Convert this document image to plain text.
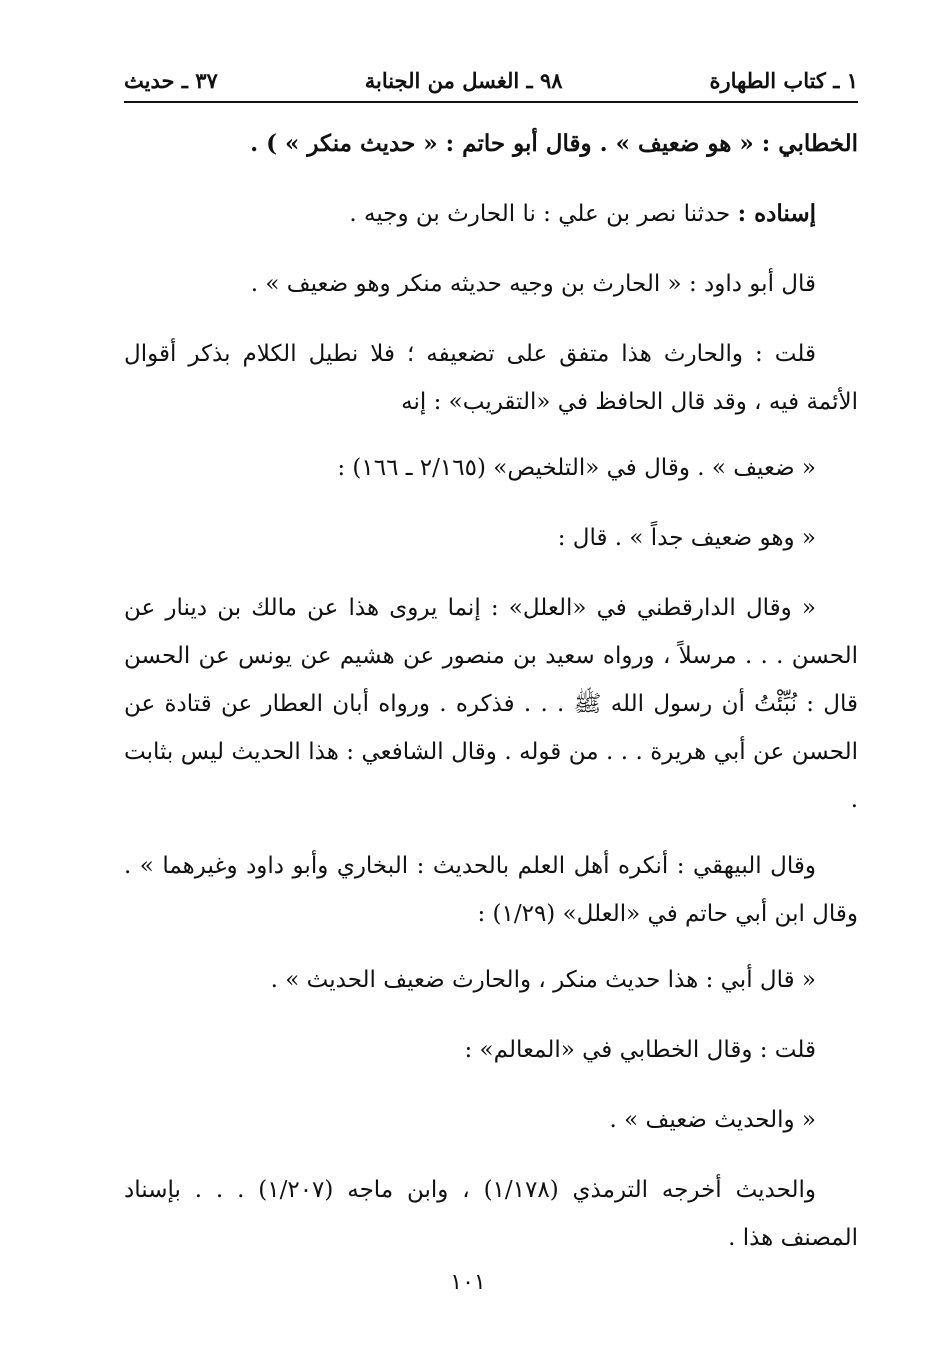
١ ـ كتاب الطهارة
٩٨ ـ الغسل من الجنابة
٣٧ ـ حديث

الخطابي : « هو ضعيف » . وقال أبو حاتم : « حديث منكر » ) .

إسناده : حدثنا نصر بن علي : نا الحارث بن وجيه .

قال أبو داود : « الحارث بن وجيه حديثه منكر وهو ضعيف » .

قلت : والحارث هذا متفق على تضعيفه ؛ فلا نطيل الكلام بذكر أقوال الأئمة فيه ، وقد قال الحافظ في «التقريب» : إنه

« ضعيف » . وقال في «التلخيص» (٢/١٦٥ ـ ١٦٦) :

« وهو ضعيف جداً » . قال :

« وقال الدارقطني في «العلل» : إنما يروى هذا عن مالك بن دينار عن الحسن . . . مرسلاً ، ورواه سعيد بن منصور عن هشيم عن يونس عن الحسن قال : نُبِّئْتُ أن رسول الله ﷺ . . . فذكره . ورواه أبان العطار عن قتادة عن الحسن عن أبي هريرة . . . من قوله . وقال الشافعي : هذا الحديث ليس بثابت .

وقال البيهقي : أنكره أهل العلم بالحديث : البخاري وأبو داود وغيرهما » . وقال ابن أبي حاتم في «العلل» (١/٢٩) :

« قال أبي : هذا حديث منكر ، والحارث ضعيف الحديث » .

قلت : وقال الخطابي في «المعالم» :

« والحديث ضعيف » .

والحديث أخرجه الترمذي (١/١٧٨) ، وابن ماجه (١/٢٠٧) . . . بإسناد المصنف هذا .

١٠١
